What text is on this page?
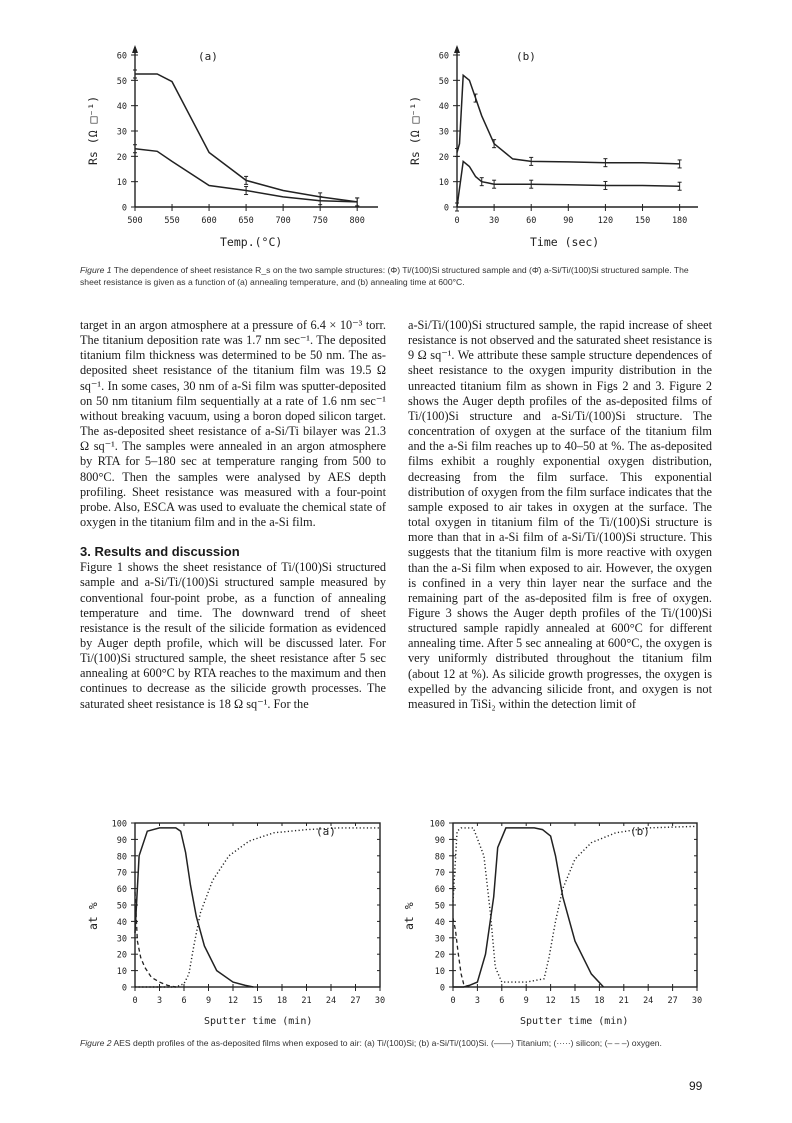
0
10
20
30
40
50
60
500	550	600	650	700	750	800
0
10
20
30
40
50
60
0	30	60	90	120	150	180
(a)	(b)
Temp.(°C)	Time (sec)
Rs (Ω □⁻¹)	Rs (Ω □⁻¹)
Figure 1 The dependence of sheet resistance R_s on the two sample structures: (Φ) Ti/(100)Si structured sample and (Φ̄) a-Si/Ti/(100)Si structured sample. The sheet resistance is given as a function of (a) annealing temperature, and (b) annealing time at 600°C.

target in an argon atmosphere at a pressure of 6.4 × 10⁻³ torr. The titanium deposition rate was 1.7 nm sec⁻¹. The deposited titanium film thickness was determined to be 50 nm. The as-deposited sheet resistance of the titanium film was 19.5 Ω sq⁻¹. In some cases, 30 nm of a-Si film was sputter-deposited on 50 nm titanium film sequentially at a rate of 1.6 nm sec⁻¹ without breaking vacuum, using a boron doped silicon target. The as-deposited sheet resistance of a-Si/Ti bilayer was 21.3 Ω sq⁻¹. The samples were annealed in an argon atmosphere by RTA for 5–180 sec at temperature ranging from 500 to 800°C. Then the samples were analysed by AES depth profiling. Sheet resistance was measured with a four-point probe. Also, ESCA was used to evaluate the chemical state of oxygen in the titanium film and in the a-Si film.

3. Results and discussion

Figure 1 shows the sheet resistance of Ti/(100)Si structured sample and a-Si/Ti/(100)Si structured sample measured by conventional four-point probe, as a function of annealing temperature and time. The downward trend of sheet resistance is the result of the silicide formation as evidenced by Auger depth profile, which will be discussed later. For Ti/(100)Si structured sample, the sheet resistance after 5 sec annealing at 600°C by RTA reaches to the maximum and then continues to decrease as the silicide growth processes. The saturated sheet resistance is 18 Ω sq⁻¹. For the

a-Si/Ti/(100)Si structured sample, the rapid increase of sheet resistance is not observed and the saturated sheet resistance is 9 Ω sq⁻¹. We attribute these sample structure dependences of sheet resistance to the oxygen impurity distribution in the unreacted titanium film as shown in Figs 2 and 3. Figure 2 shows the Auger depth profiles of the as-deposited films of Ti/(100)Si structure and a-Si/Ti/(100)Si structure. The concentration of oxygen at the surface of the titanium film and the a-Si film reaches up to 40–50 at %. The as-deposited films exhibit a roughly exponential oxygen distribution, decreasing from the film surface. This exponential distribution of oxygen from the film surface indicates that the sample exposed to air takes in oxygen at the surface. The total oxygen in titanium film of the Ti/(100)Si structure is more than that in a-Si film of a-Si/Ti/(100)Si structure. This suggests that the titanium film is more reactive with oxygen than the a-Si film when exposed to air. However, the oxygen is confined in a very thin layer near the surface and the remaining part of the as-deposited film is free of oxygen. Figure 3 shows the Auger depth profiles of the Ti/(100)Si structured sample rapidly annealed at 600°C for different annealing time. After 5 sec annealing at 600°C, the oxygen is very uniformly distributed throughout the titanium film (about 12 at %). As silicide growth progresses, the oxygen is expelled by the advancing silicide front, and oxygen is not measured in TiSi₂ within the detection limit of

0
10
20
30
40
50
60
70
80
90
100
0 3 6 9 12 15 18 21 24 27 30
0
10
20
30
40
50
60
70
80
90
100
0 3 6 9 12 15 18 21 24 27 30
(a)	(b)
Sputter time (min)	Sputter time (min)
at %	at %
Figure 2 AES depth profiles of the as-deposited films when exposed to air: (a) Ti/(100)Si; (b) a-Si/Ti/(100)Si. (——) Titanium; (·····) silicon; (– – –) oxygen.
99
